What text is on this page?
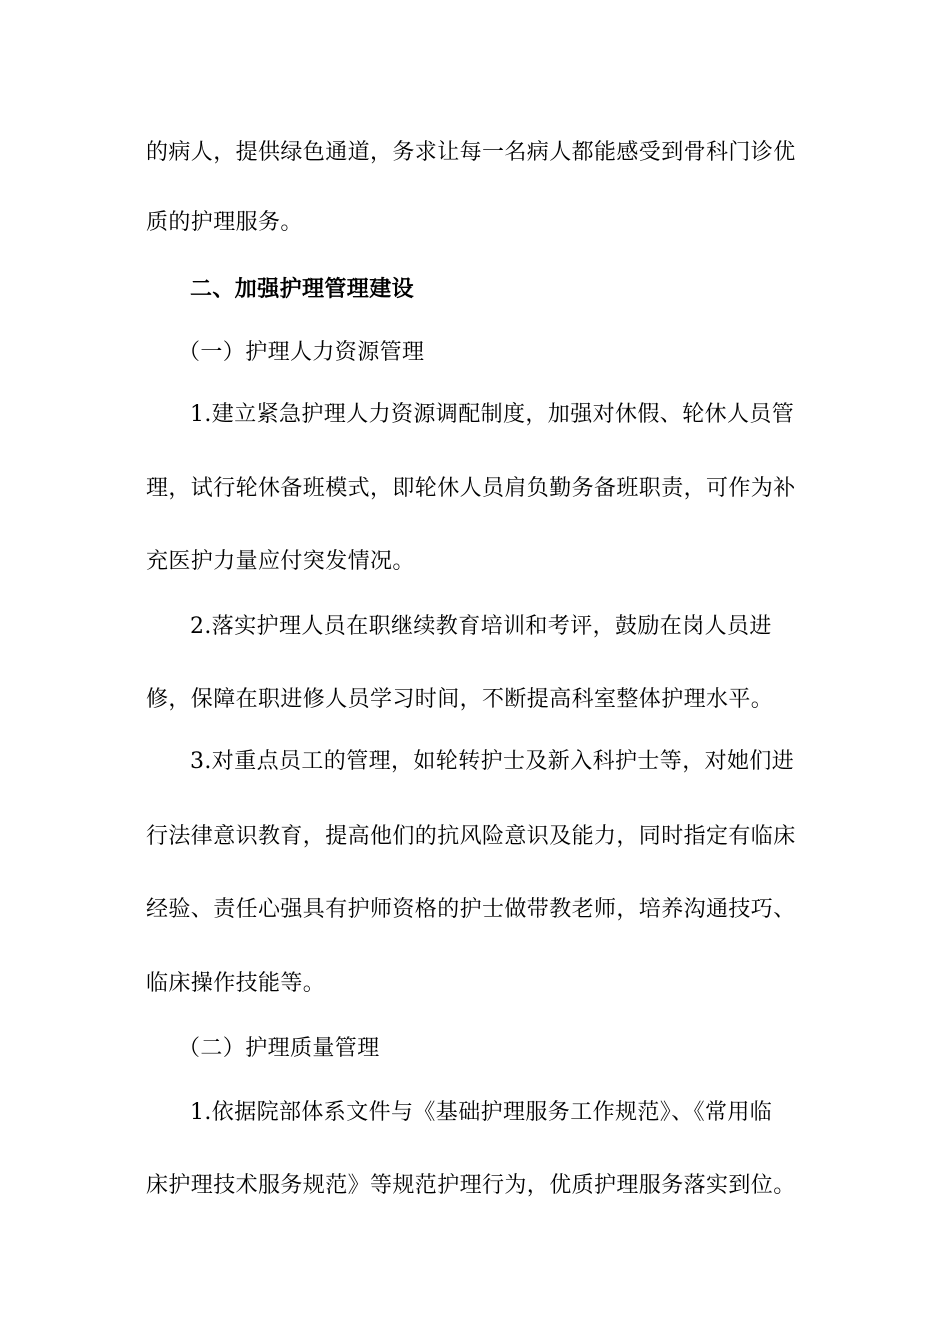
的病人，提供绿色通道，务求让每一名病人都能感受到骨科门诊优
质的护理服务。
二、加强护理管理建设
（一）护理人力资源管理
1.建立紧急护理人力资源调配制度，加强对休假、轮休人员管
理，试行轮休备班模式，即轮休人员肩负勤务备班职责，可作为补
充医护力量应付突发情况。
2.落实护理人员在职继续教育培训和考评，鼓励在岗人员进
修，保障在职进修人员学习时间，不断提高科室整体护理水平。
3.对重点员工的管理，如轮转护士及新入科护士等，对她们进
行法律意识教育，提高他们的抗风险意识及能力，同时指定有临床
经验、责任心强具有护师资格的护士做带教老师，培养沟通技巧、
临床操作技能等。
（二）护理质量管理
1.依据院部体系文件与《基础护理服务工作规范》、《常用临
床护理技术服务规范》等规范护理行为，优质护理服务落实到位。
